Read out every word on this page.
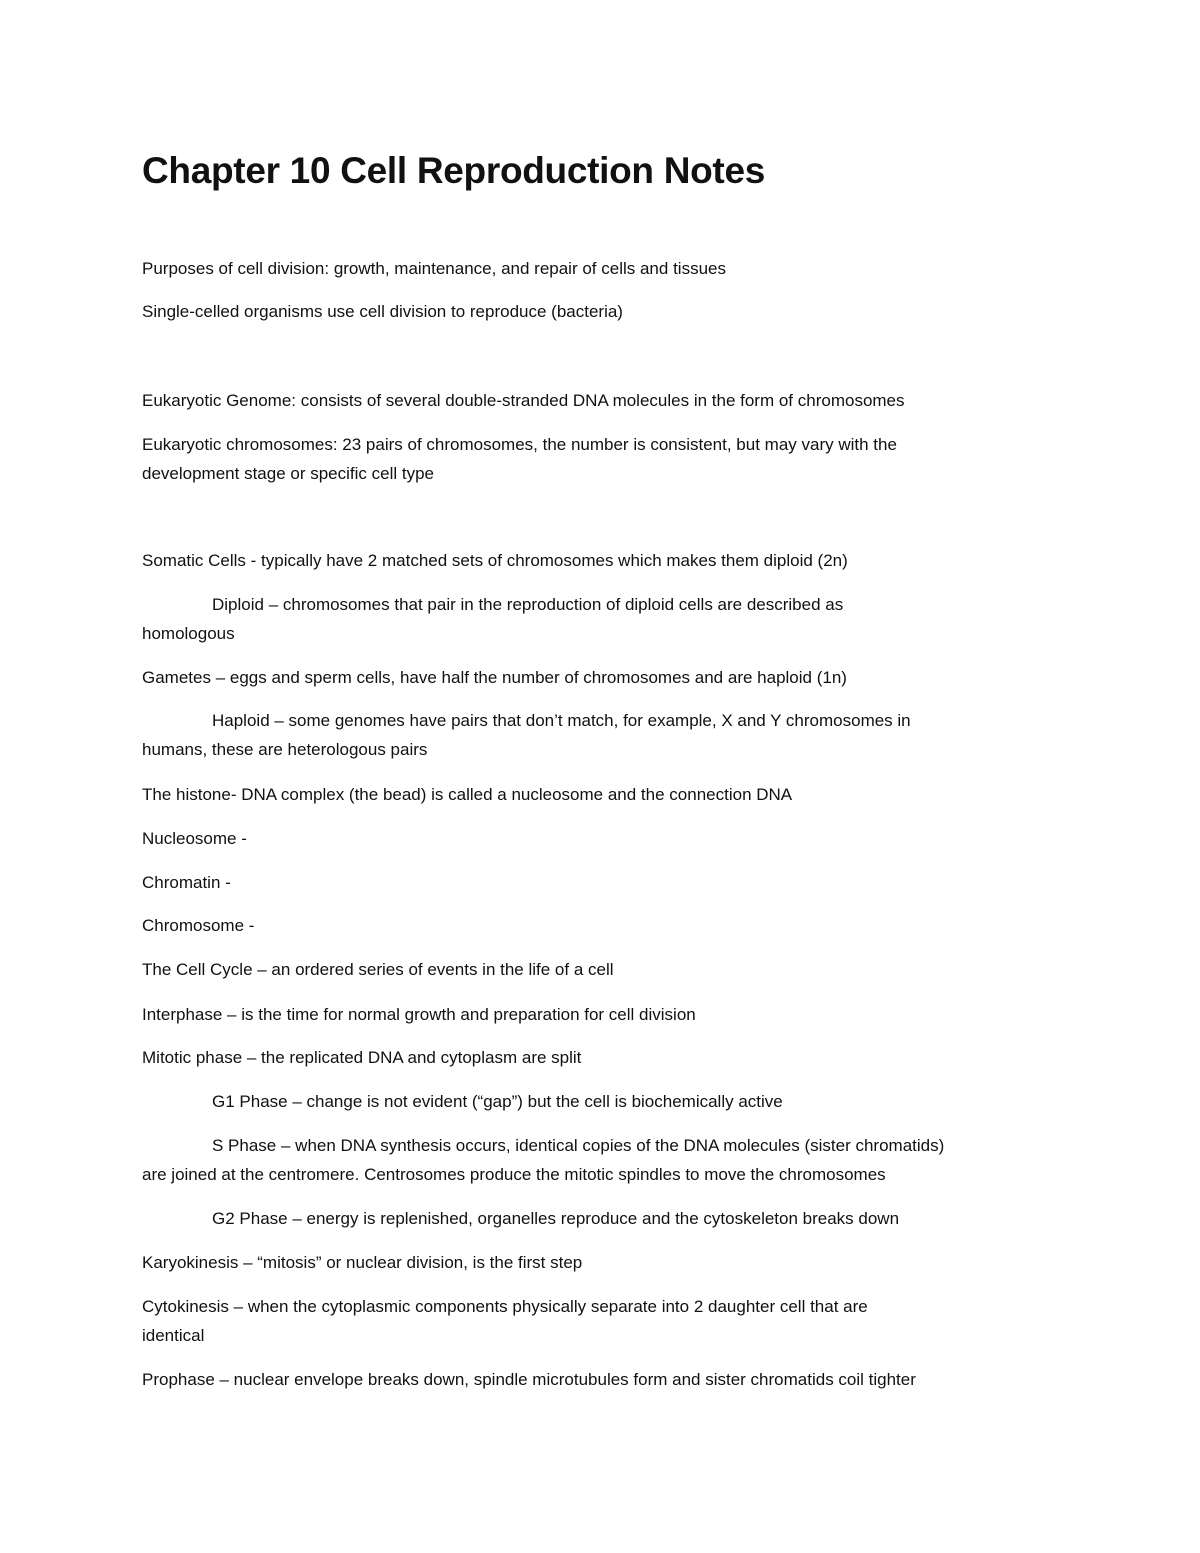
Chapter 10 Cell Reproduction Notes

Purposes of cell division: growth, maintenance, and repair of cells and tissues

Single-celled organisms use cell division to reproduce (bacteria)

Eukaryotic Genome: consists of several double-stranded DNA molecules in the form of chromosomes

Eukaryotic chromosomes: 23 pairs of chromosomes, the number is consistent, but may vary with the

development stage or specific cell type

Somatic Cells - typically have 2 matched sets of chromosomes which makes them diploid (2n)

Diploid – chromosomes that pair in the reproduction of diploid cells are described as

homologous

Gametes – eggs and sperm cells, have half the number of chromosomes and are haploid (1n)

Haploid – some genomes have pairs that don’t match, for example, X and Y chromosomes in

humans, these are heterologous pairs

The histone- DNA complex (the bead) is called a nucleosome and the connection DNA

Nucleosome -

Chromatin -

Chromosome -

The Cell Cycle – an ordered series of events in the life of a cell

Interphase – is the time for normal growth and preparation for cell division

Mitotic phase – the replicated DNA and cytoplasm are split

G1 Phase – change is not evident (“gap”) but the cell is biochemically active

S Phase – when DNA synthesis occurs, identical copies of the DNA molecules (sister chromatids)

are joined at the centromere. Centrosomes produce the mitotic spindles to move the chromosomes

G2 Phase – energy is replenished, organelles reproduce and the cytoskeleton breaks down

Karyokinesis – “mitosis” or nuclear division, is the first step

Cytokinesis – when the cytoplasmic components physically separate into 2 daughter cell that are

identical

Prophase – nuclear envelope breaks down, spindle microtubules form and sister chromatids coil tighter
